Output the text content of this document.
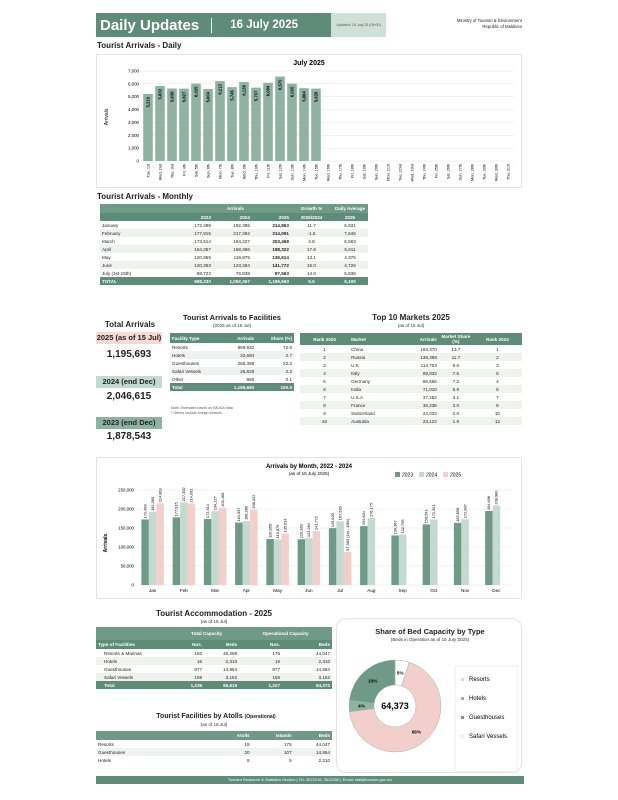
Daily Updates	16 July 2025	Updated: 16 July 25 (09:00)
Ministry of Tourism & Environment
Republic of Maldives
Tourist Arrivals - Daily
July 2025
Arrivals
0
1,000
2,000
3,000
4,000
5,000
6,000
7,000
5,219
Tue, 1st
5,833
Wed, 2nd
5,638
Thu, 3rd
5,627
Fri, 4th
6,025
Sat, 5th
5,604
Sun, 6th
6,213
Mon, 7th
5,745
Tue, 8th
6,138
Wed, 9th
5,707
Thu, 10th
6,084
Fri, 11th
6,570
Sat, 12th
6,020
Sun, 13th
5,664
Mon, 14th
5,629
Tue, 15th Wed, 16th Thu, 17th Fri, 18th Sat, 19th Sun, 20th Mon, 21st Tue, 22nd Wed, 23rd Thu, 24th Fri, 25th Sat, 26th Sun, 27th Mon, 28th Tue, 29th Wed, 30th Thu, 31st
Tourist Arrivals - Monthly
	Arrivals			Growth %	Daily Average
	2023	2024	2025	2025/2024	2025
January	172,499	192,385	214,863	11.7	6,931
February	177,915	217,392	214,091	-1.5	7,646
March	173,514	194,227	203,468	4.8	6,563
April	164,357	168,366	198,322	17.8	6,611
May	120,959	119,875	135,614	13.1	4,375
June	120,363	123,284	141,772	15.0	4,726
July (1st-15th)	68,723	76,838	87,563	14.0	5,838
TOTAL	998,330	1,092,367	1,195,693	9.5	6,100
Total Arrivals
2025 (as of 15 Jul)
1,195,693
2024 (end Dec)
2,046,615
2023 (end Dec)
1,878,543
Tourist Arrivals to Facilities
(2025 as of 15 Jul)
Facility Type	Arrivals	Share (%)
Resorts	869,932	72.8
Hotels	32,684	2.7
Guesthouses	266,388	22.3
Safari Vessels	25,828	2.2
Other	860	0.1
Total	1,195,693	100.0
Note: Estimates based on IMUGA data
* Others include foreign vessels
Top 10 Markets 2025
(as of 15 Jul)
Rank 2025	Market	Arrivals	Market Share (%)	Rank 2024
1	China	163,370	13.7	1
2	Russia	139,388	11.7	2
3	U.K	114,703	9.6	3
4	Italy	89,832	7.5	5
5	Germany	86,556	7.2	4
6	India	71,010	5.9	6
7	U.S.A	37,252	3.1	7
8	France	36,238	3.0	8
9	Switzerland	24,033	2.0	10
10	Australia	23,122	1.9	12
Arrivals by Month, 2022 - 2024
(as of 15 July 2025)	2023	2024	2025
Arrivals
0
50,000
100,000
150,000
200,000
250,000
172,499
192,385
214,863
Jan
177,915
217,392 214,091
Feb
173,514
194,227 203,468
Mar
164,357 168,366
198,322
Apr
120,959 119,875 135,614
May
120,363 123,284 141,772
Jun
149,620 167,528
87,563 (1st - 15th)
Jul
154,834
176,175
Aug
130,367 132,795
Sep
159,541 172,501
Oct
163,658 172,987
Nov
194,696 208,980
Dec
Tourist Accommodation - 2025
(as of 15 Jul)
	Total Capacity		Operational Capacity	
Type of Facilities	Nos.	Beds	Nos.	Beds
Resorts & Marinas	183	45,289	175	44,047
Hotels	16	2,310	16	2,310
Guesthouses	877	14,854	877	14,854
Safari Vessels	159	3,162	159	3,162
Total	1,235	65,615	1,227	64,373
Tourist Facilities by Atolls (Operational)
(as of 15 Jul)
	Atolls	Islands	Beds
Resorts	19	175	44,047
Guesthouses	20	107	14,854
Hotels	8	9	2,310
Share of Bed Capacity by Type
(Beds in Operation as of 15 July 2025)
5%
68%
4%
23%
64,373
Resorts
Hotels
Guesthouses
Safari Vessels
Tourism Research & Statistics Section | Tel: 3022216, 3022250 | Email: stat@tourism.gov.mv
